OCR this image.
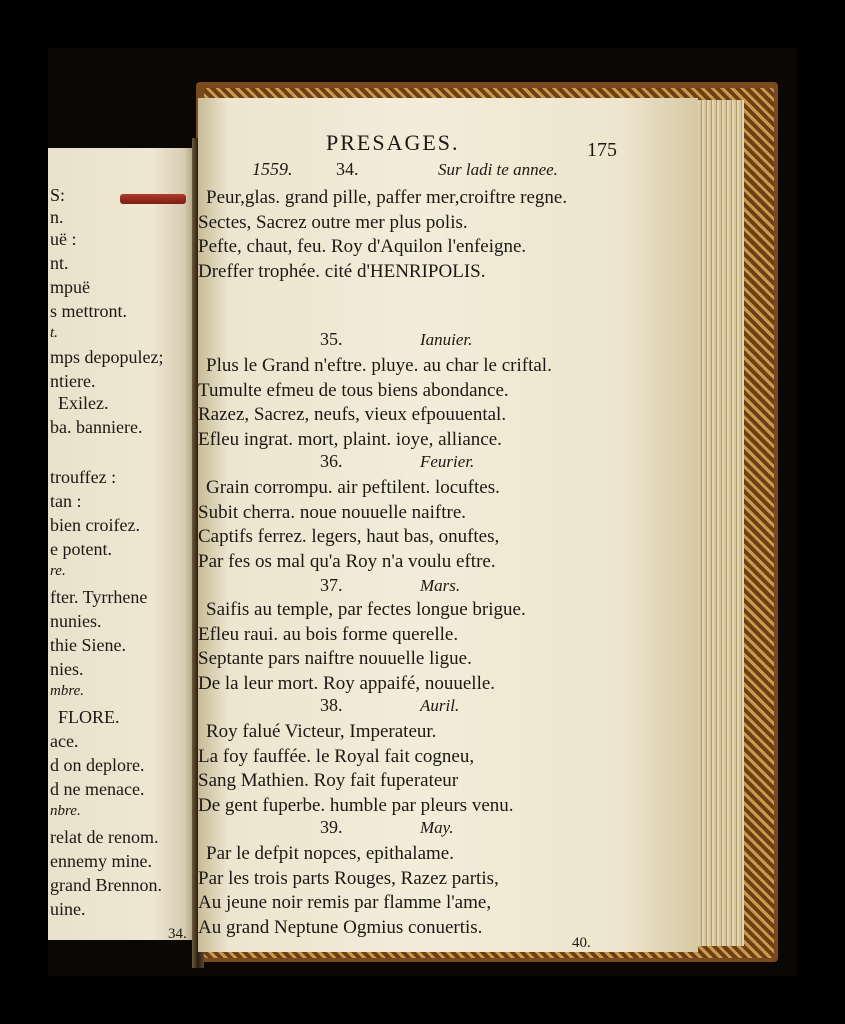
S:
n.
uë :
nt.
mpuë
s mettront.
t.
mps depopulez;
ntiere.
Exilez.
ba. banniere.
trouffez :
tan :
bien croifez.
e potent.
re.
fter. Tyrrhene
nunies.
thie Siene.
nies.
mbre.
FLORE.
ace.
d on deplore.
d ne menace.
nbre.
relat de renom.
ennemy mine.
grand Brennon.
uine.
34.
PRESAGES.	175
1559. 34.	Sur ladi te annee.
Peur,glas. grand pille, paffer mer,croiftre regne.
Sectes, Sacrez outre mer plus polis.
Pefte, chaut, feu. Roy d'Aquilon l'enfeigne.
Dreffer trophée. cité d'HENRIPOLIS.
35.	Ianuier.
Plus le Grand n'eftre. pluye. au char le criftal.
Tumulte efmeu de tous biens abondance.
Razez, Sacrez, neufs, vieux efpouuental.
Efleu ingrat. mort, plaint. ioye, alliance.
36.	Feurier.
Grain corrompu. air peftilent. locuftes.
Subit cherra. noue nouuelle naiftre.
Captifs ferrez. legers, haut bas, onuftes,
Par fes os mal qu'a Roy n'a voulu eftre.
37.	Mars.
Saifis au temple, par fectes longue brigue.
Efleu raui. au bois forme querelle.
Septante pars naiftre nouuelle ligue.
De la leur mort. Roy appaifé, nouuelle.
38.	Auril.
Roy falué Victeur, Imperateur.
La foy fauffée. le Royal fait cogneu,
Sang Mathien. Roy fait fuperateur
De gent fuperbe. humble par pleurs venu.
39.	May.
Par le defpit nopces, epithalame.
Par les trois parts Rouges, Razez partis,
Au jeune noir remis par flamme l'ame,
Au grand Neptune Ogmius conuertis.
40.
